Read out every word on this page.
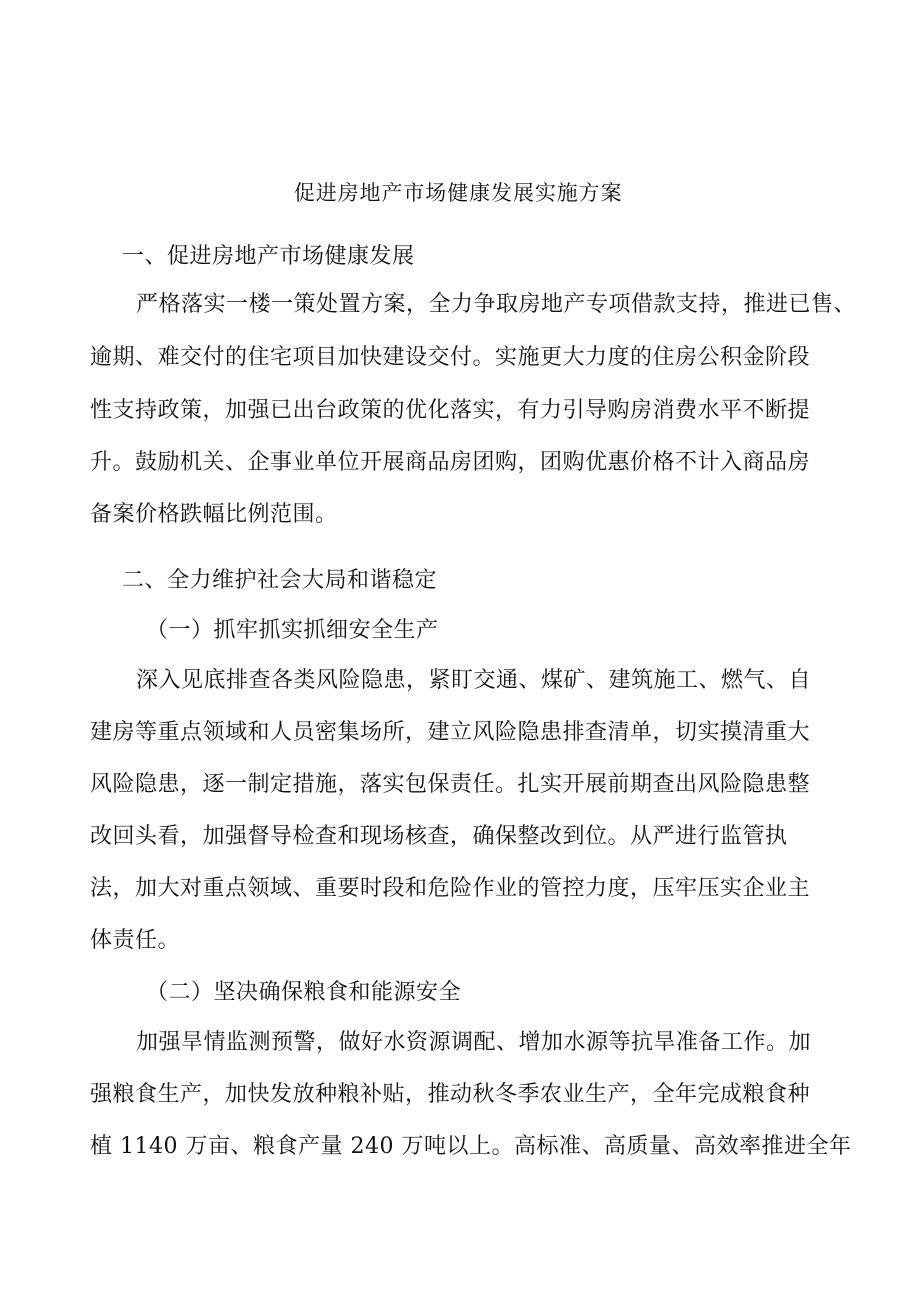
促进房地产市场健康发展实施方案
一、促进房地产市场健康发展
严格落实一楼一策处置方案，全力争取房地产专项借款支持，推进已售、
逾期、难交付的住宅项目加快建设交付。实施更大力度的住房公积金阶段
性支持政策，加强已出台政策的优化落实，有力引导购房消费水平不断提
升。鼓励机关、企事业单位开展商品房团购，团购优惠价格不计入商品房
备案价格跌幅比例范围。
二、全力维护社会大局和谐稳定
（一）抓牢抓实抓细安全生产
深入见底排查各类风险隐患，紧盯交通、煤矿、建筑施工、燃气、自
建房等重点领域和人员密集场所，建立风险隐患排查清单，切实摸清重大
风险隐患，逐一制定措施，落实包保责任。扎实开展前期查出风险隐患整
改回头看，加强督导检查和现场核查，确保整改到位。从严进行监管执
法，加大对重点领域、重要时段和危险作业的管控力度，压牢压实企业主
体责任。
（二）坚决确保粮食和能源安全
加强旱情监测预警，做好水资源调配、增加水源等抗旱准备工作。加
强粮食生产，加快发放种粮补贴，推动秋冬季农业生产，全年完成粮食种
植 1140 万亩、粮食产量 240 万吨以上。高标准、高质量、高效率推进全年
